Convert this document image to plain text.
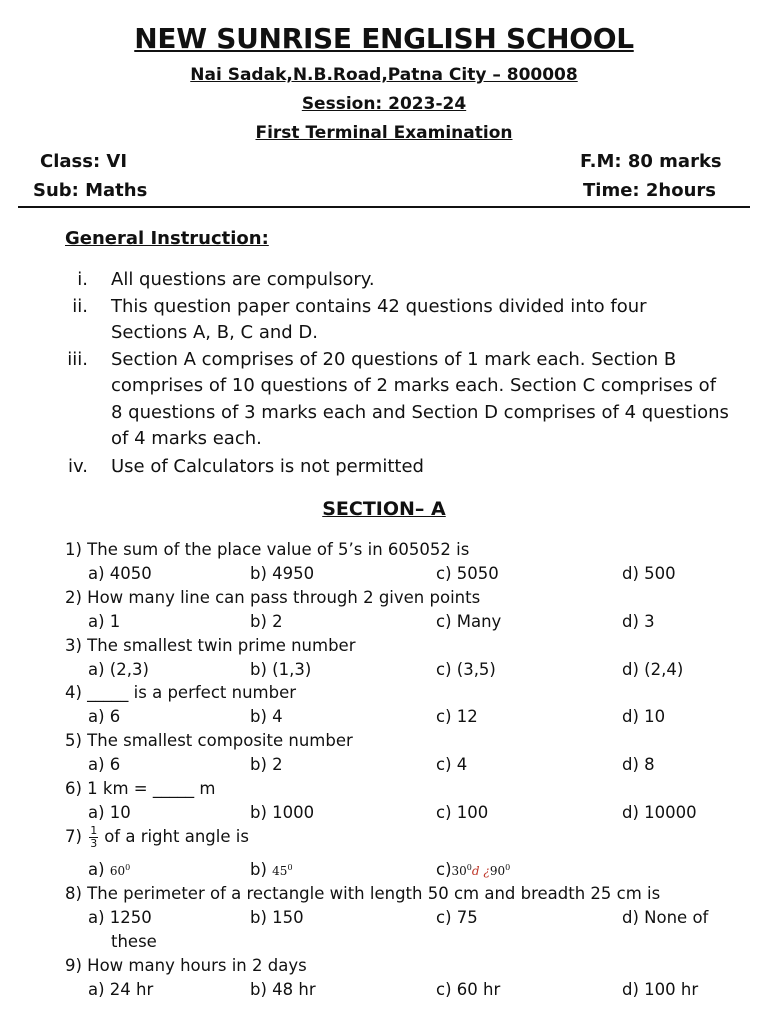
NEW SUNRISE ENGLISH SCHOOL
Nai Sadak,N.B.Road,Patna City – 800008
Session: 2023-24
First Terminal Examination
Class: VI
Sub: Maths
F.M: 80 marks
Time: 2hours
General Instruction:
i. All questions are compulsory.
ii. This question paper contains 42 questions divided into four
Sections A, B, C and D.
iii. Section A comprises of 20 questions of 1 mark each. Section B
comprises of 10 questions of 2 marks each. Section C comprises of
8 questions of 3 marks each and Section D comprises of 4 questions
of 4 marks each.
iv. Use of Calculators is not permitted
SECTION– A
1) The sum of the place value of 5’s in 605052 is
a) 4050	b) 4950	c) 5050	d) 500
2) How many line can pass through 2 given points
a) 1	b) 2	c) Many	d) 3
3) The smallest twin prime number
a) (2,3)	b) (1,3)	c) (3,5)	d) (2,4)
4) _____ is a perfect number
a) 6	b) 4	c) 12	d) 10
5) The smallest composite number
a) 6	b) 2	c) 4	d) 8
6) 1 km = _____ m
a) 10	b) 1000	c) 100	d) 10000
$7) \frac{1}{3}$ of a right angle is
a) $60^0$	b) $45^0$	$c)30^0d$ ¿$90^0$
8) The perimeter of a rectangle with length 50 cm and breadth 25 cm is
a) 1250	b) 150	c) 75	d) None of
these
9) How many hours in 2 days
a) 24 hr	b) 48 hr	c) 60 hr	d) 100 hr
